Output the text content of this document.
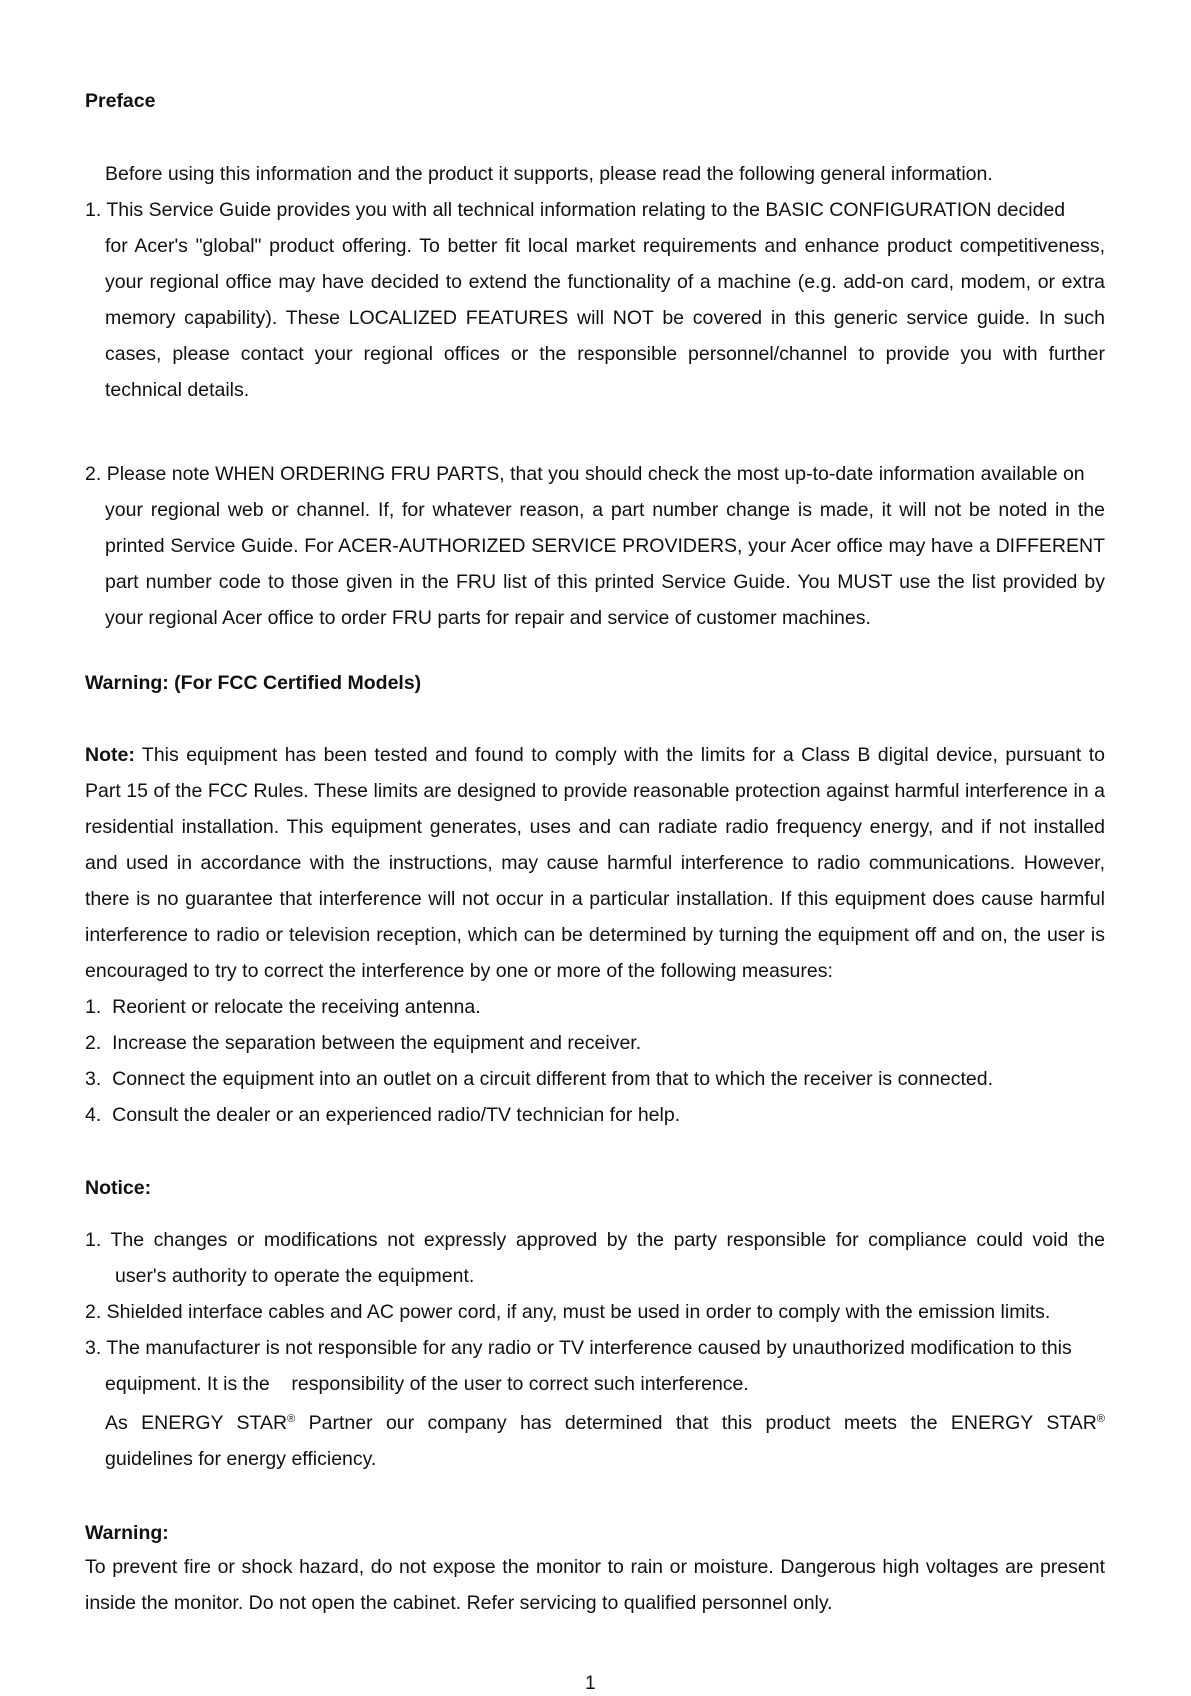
Preface
Before using this information and the product it supports, please read the following general information.
1. This Service Guide provides you with all technical information relating to the BASIC CONFIGURATION decided
for Acer's "global" product offering. To better fit local market requirements and enhance product competitiveness, your regional office may have decided to extend the functionality of a machine (e.g. add-on card, modem, or extra memory capability). These LOCALIZED FEATURES will NOT be covered in this generic service guide. In such cases, please contact your regional offices or the responsible personnel/channel to provide you with further technical details.
2. Please note WHEN ORDERING FRU PARTS, that you should check the most up-to-date information available on
your regional web or channel. If, for whatever reason, a part number change is made, it will not be noted in the printed Service Guide. For ACER-AUTHORIZED SERVICE PROVIDERS, your Acer office may have a DIFFERENT part number code to those given in the FRU list of this printed Service Guide. You MUST use the list provided by your regional Acer office to order FRU parts for repair and service of customer machines.
Warning: (For FCC Certified Models)
Note: This equipment has been tested and found to comply with the limits for a Class B digital device, pursuant to Part 15 of the FCC Rules. These limits are designed to provide reasonable protection against harmful interference in a residential installation. This equipment generates, uses and can radiate radio frequency energy, and if not installed and used in accordance with the instructions, may cause harmful interference to radio communications. However, there is no guarantee that interference will not occur in a particular installation. If this equipment does cause harmful interference to radio or television reception, which can be determined by turning the equipment off and on, the user is encouraged to try to correct the interference by one or more of the following measures:
1. Reorient or relocate the receiving antenna.
2. Increase the separation between the equipment and receiver.
3. Connect the equipment into an outlet on a circuit different from that to which the receiver is connected.
4. Consult the dealer or an experienced radio/TV technician for help.
Notice:
1. The changes or modifications not expressly approved by the party responsible for compliance could void the
user's authority to operate the equipment.
2. Shielded interface cables and AC power cord, if any, must be used in order to comply with the emission limits.
3. The manufacturer is not responsible for any radio or TV interference caused by unauthorized modification to this
equipment. It is the    responsibility of the user to correct such interference.
As ENERGY STAR® Partner our company has determined that this product meets the ENERGY STAR®
guidelines for energy efficiency.
Warning:
To prevent fire or shock hazard, do not expose the monitor to rain or moisture. Dangerous high voltages are present inside the monitor. Do not open the cabinet. Refer servicing to qualified personnel only.
1
